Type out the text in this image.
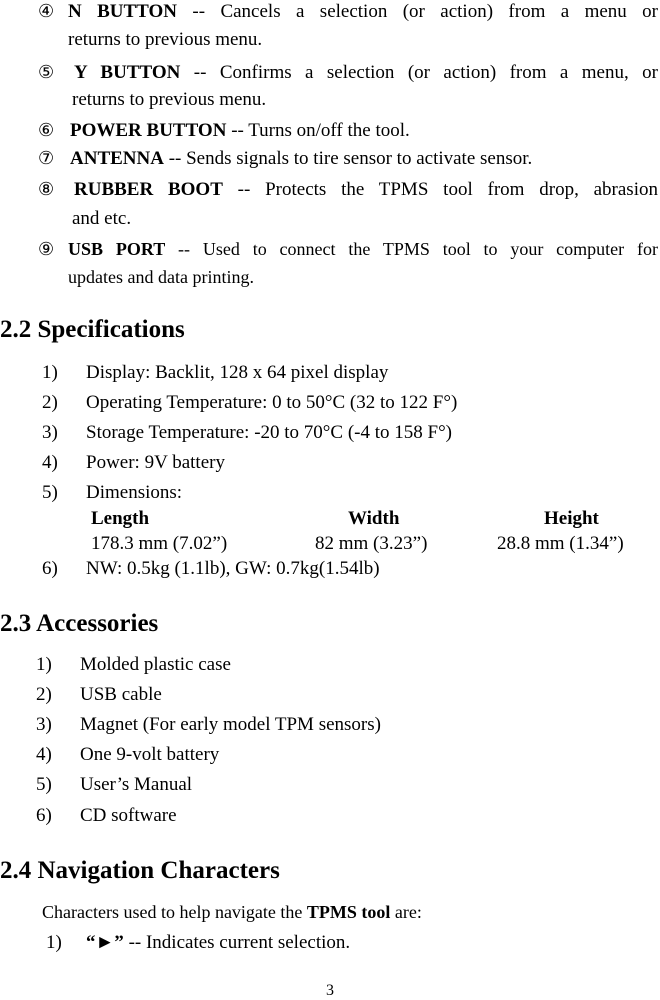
④ N BUTTON -- Cancels a selection (or action) from a menu or
returns to previous menu.
⑤ Y BUTTON -- Confirms a selection (or action) from a menu, or
returns to previous menu.
⑥ POWER BUTTON -- Turns on/off the tool.
⑦ ANTENNA -- Sends signals to tire sensor to activate sensor.
⑧ RUBBER BOOT -- Protects the TPMS tool from drop, abrasion
and etc.
⑨ USB PORT -- Used to connect the TPMS tool to your computer for
updates and data printing.
2.2 Specifications
1)	Display: Backlit, 128 x 64 pixel display
2)	Operating Temperature: 0 to 50°C (32 to 122 F°)
3)	Storage Temperature: -20 to 70°C (-4 to 158 F°)
4)	Power: 9V battery
5)	Dimensions:
Length	Width	Height
178.3 mm (7.02”)	82 mm (3.23”)	28.8 mm (1.34”)
6)	NW: 0.5kg (1.1lb), GW: 0.7kg(1.54lb)
2.3 Accessories
1)	Molded plastic case
2)	USB cable
3)	Magnet (For early model TPM sensors)
4)	One 9-volt battery
5)	User’s Manual
6)	CD software
2.4 Navigation Characters
Characters used to help navigate the TPMS tool are:
1)	“►” -- Indicates current selection.
3
